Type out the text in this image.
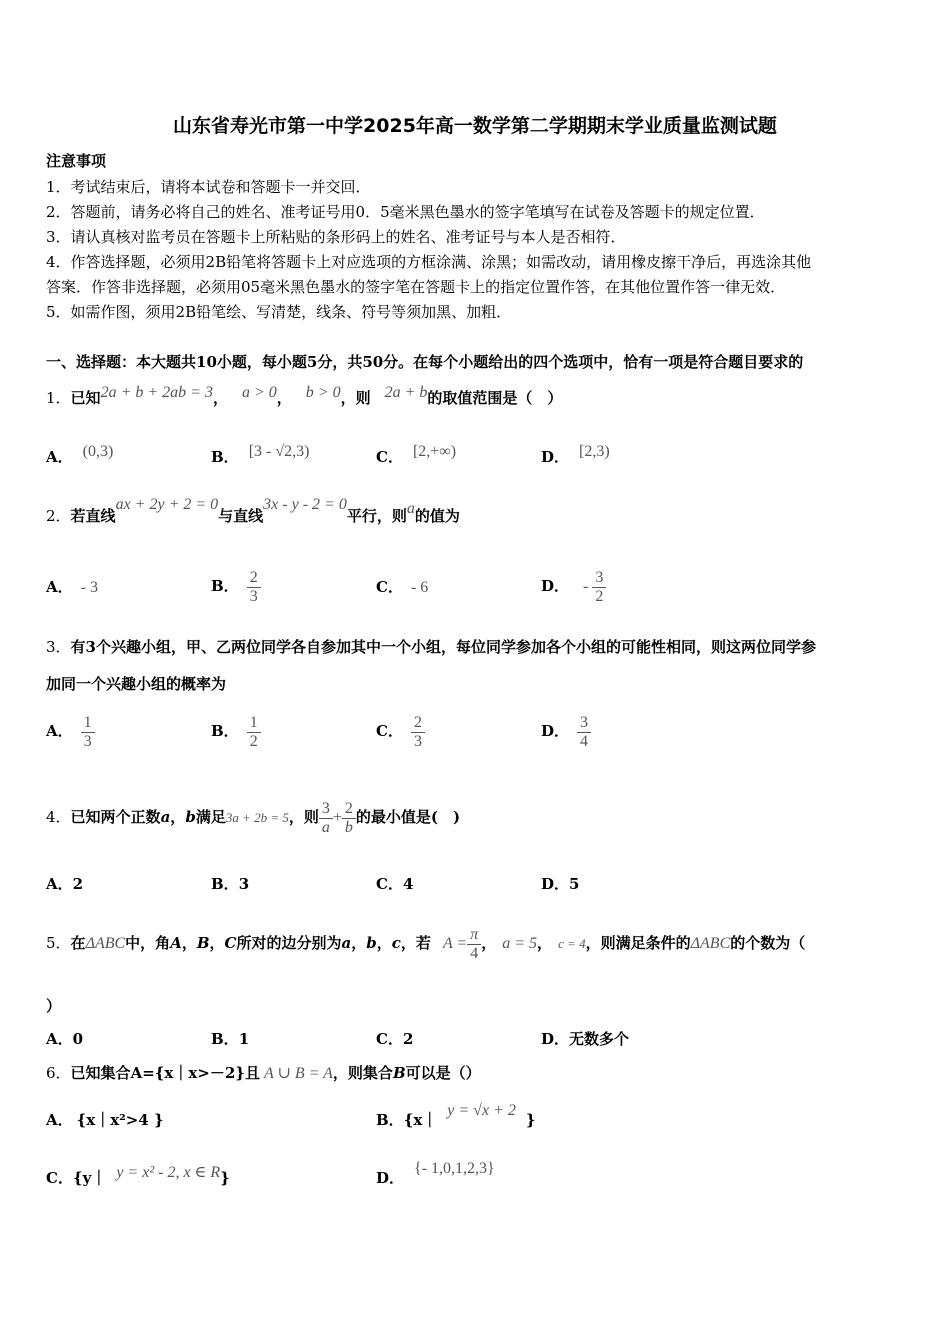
山东省寿光市第一中学2025年高一数学第二学期期末学业质量监测试题
注意事项
1．考试结束后，请将本试卷和答题卡一并交回．
2．答题前，请务必将自己的姓名、准考证号用0．5毫米黑色墨水的签字笔填写在试卷及答题卡的规定位置．
3．请认真核对监考员在答题卡上所粘贴的条形码上的姓名、准考证号与本人是否相符．
4．作答选择题，必须用2B铅笔将答题卡上对应选项的方框涂满、涂黑；如需改动，请用橡皮擦干净后，再选涂其他
答案．作答非选择题，必须用05毫米黑色墨水的签字笔在答题卡上的指定位置作答，在其他位置作答一律无效．
5．如需作图，须用2B铅笔绘、写清楚，线条、符号等须加黑、加粗．
一、选择题：本大题共10小题，每小题5分，共50分。在每个小题给出的四个选项中，恰有一项是符合题目要求的
1．已知2a + b + 2ab = 3， a > 0， b > 0，则 2a + b的取值范围是（　）
A． (0,3)	B． [3 - √2,3)	C． [2,+∞)	D． [2,3)
2．若直线ax + 2y + 2 = 0与直线3x - y - 2 = 0平行，则a的值为
A． - 3	B． $\frac{2}{3}$	C． - 6	D． - $\frac{3}{2}$
3．有3个兴趣小组，甲、乙两位同学各自参加其中一个小组，每位同学参加各个小组的可能性相同，则这两位同学参
加同一个兴趣小组的概率为
A． $\frac{1}{3}$	B． $\frac{1}{2}$	C． $\frac{2}{3}$	D． $\frac{3}{4}$
4．已知两个正数a，b满足3a + 2b = 5，则 $\frac{3}{a} + \frac{2}{b}$ 的最小值是(　)
A．2	B．3	C．4	D．5
5．在ΔABC中，角A，B，C所对的边分别为a，b，c，若 $A = \frac{\pi}{4}$ ， a = 5， c = 4，则满足条件的ΔABC的个数为（
）
A．0	B．1	C．2	D．无数多个
6．已知集合A={x｜x>－2}且 A ∪ B = A，则集合B可以是（）
A． {x｜x²>4 }	B．{x｜y = √x + 2}
C．{y｜ y = x² - 2, x ∈ R}	D．{- 1,0,1,2,3}
